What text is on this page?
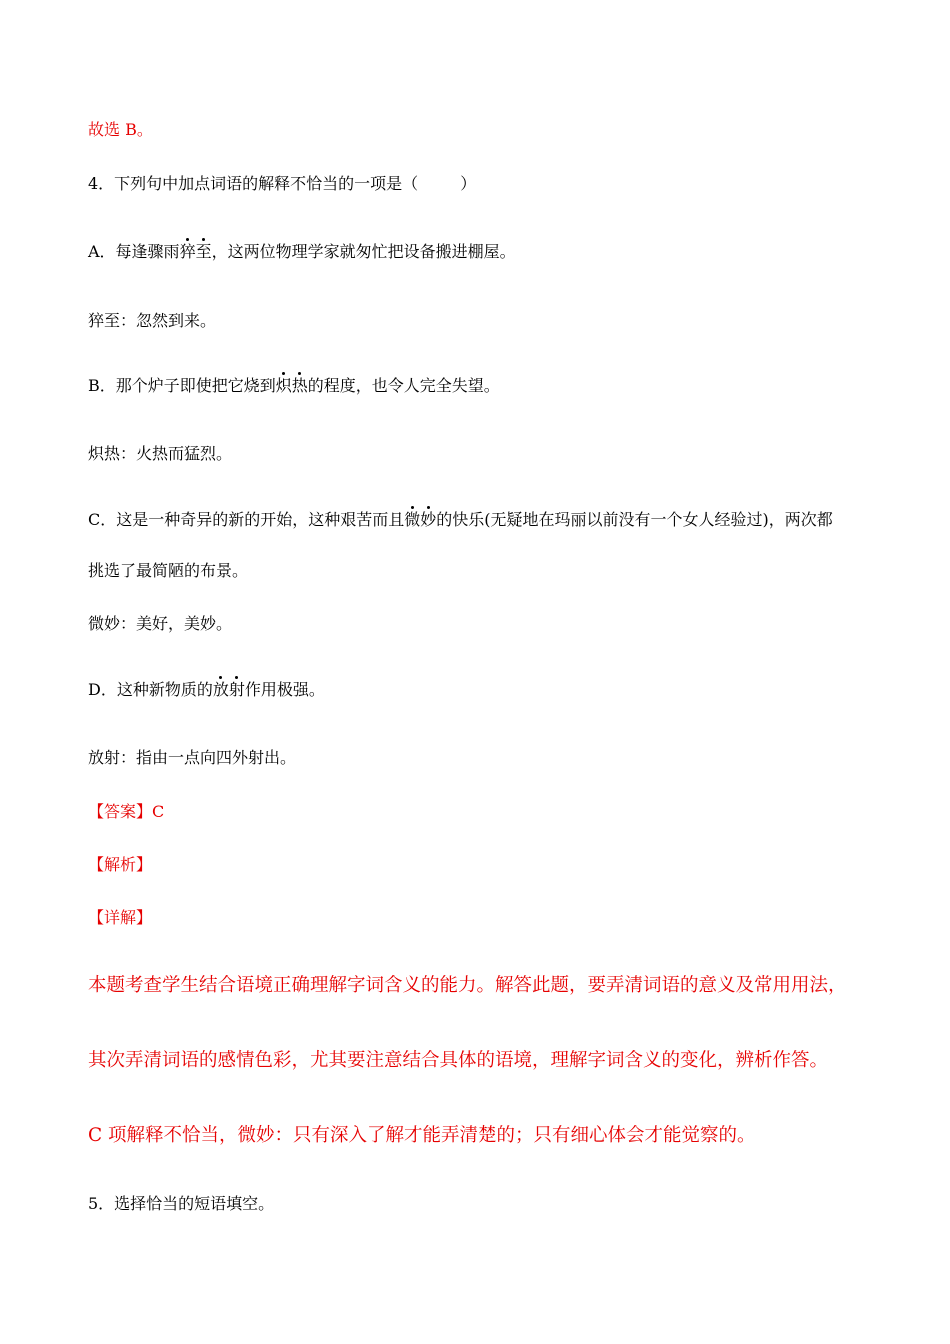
故选 B。
4．下列句中加点词语的解释不恰当的一项是（	）
A．每逢骤雨猝至，这两位物理学家就匆忙把设备搬进棚屋。
猝至：忽然到来。
B．那个炉子即使把它烧到炽热的程度，也令人完全失望。
炽热：火热而猛烈。
C．这是一种奇异的新的开始，这种艰苦而且微妙的快乐(无疑地在玛丽以前没有一个女人经验过)，两次都
挑选了最简陋的布景。
微妙：美好，美妙。
D．这种新物质的放射作用极强。
放射：指由一点向四外射出。
【答案】C
【解析】
【详解】
本题考查学生结合语境正确理解字词含义的能力。解答此题，要弄清词语的意义及常用用法，
其次弄清词语的感情色彩，尤其要注意结合具体的语境，理解字词含义的变化，辨析作答。
C 项解释不恰当，微妙：只有深入了解才能弄清楚的；只有细心体会才能觉察的。
5．选择恰当的短语填空。
